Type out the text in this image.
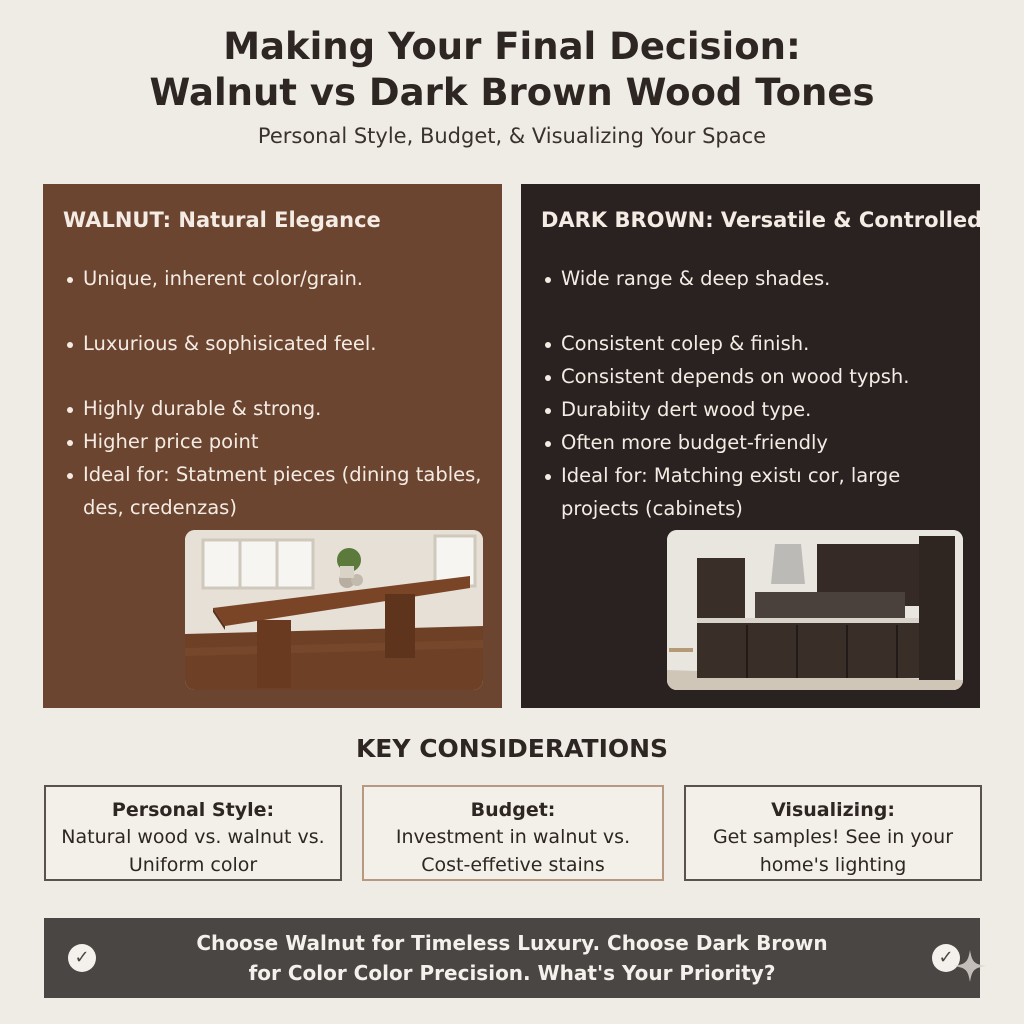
Making Your Final Decision:
Walnut vs Dark Brown Wood Tones
Personal Style, Budget, & Visualizing Your Space
WALNUT: Natural Elegance
Unique, inherent color/grain.
Luxurious & sophisicated feel.
Highly durable & strong.
Higher price point
Ideal for: Statment pieces (dining tables, des, credenzas)
DARK BROWN: Versatile & Controlled
Wide range & deep shades.
Consistent colep & finish.
Consistent depends on wood typsh.
Durabiity dert wood type.
Often more budget-friendly
Ideal for: Matching existı cor, large projects (cabinets)
KEY CONSIDERATIONS
Personal Style:
Natural wood vs. walnut vs.
Uniform color
Budget:
Investment in walnut vs.
Cost-effetive stains
Visualizing:
Get samples! See in your
home's lighting
✓
Choose Walnut for Timeless Luxury. Choose Dark Brown
for Color Color Precision. What's Your Priority?
✓
